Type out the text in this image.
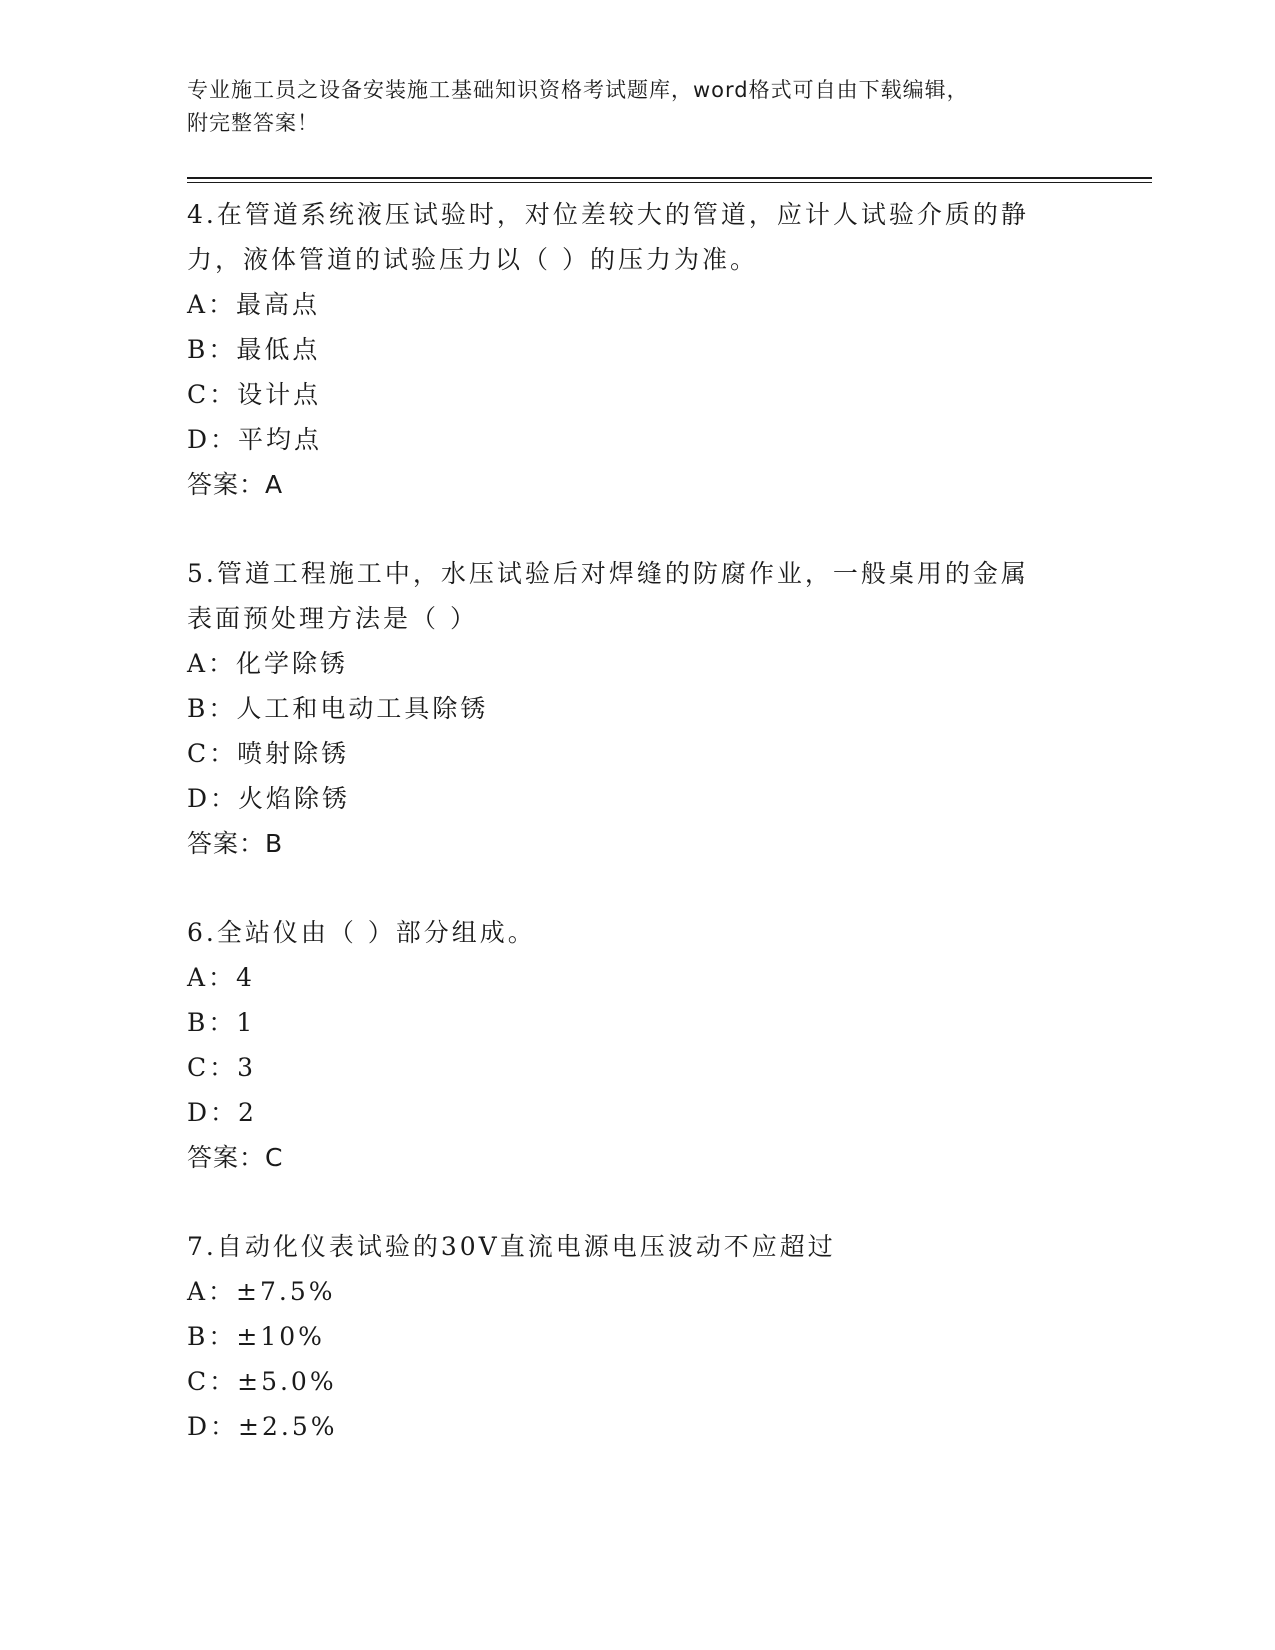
专业施工员之设备安装施工基础知识资格考试题库，word格式可自由下载编辑，
附完整答案！

4.在管道系统液压试验时，对位差较大的管道，应计人试验介质的静

力，液体管道的试验压力以（ ）的压力为准。

A：最高点

B：最低点

C：设计点

D：平均点

答案：A

5.管道工程施工中，水压试验后对焊缝的防腐作业，一般桌用的金属

表面预处理方法是（ ）

A：化学除锈

B：人工和电动工具除锈

C：喷射除锈

D：火焰除锈

答案：B

6.全站仪由（ ）部分组成。

A：4

B：1

C：3

D：2

答案：C

7.自动化仪表试验的30V直流电源电压波动不应超过

A：±7.5%

B：±10%

C：±5.0%

D：±2.5%
